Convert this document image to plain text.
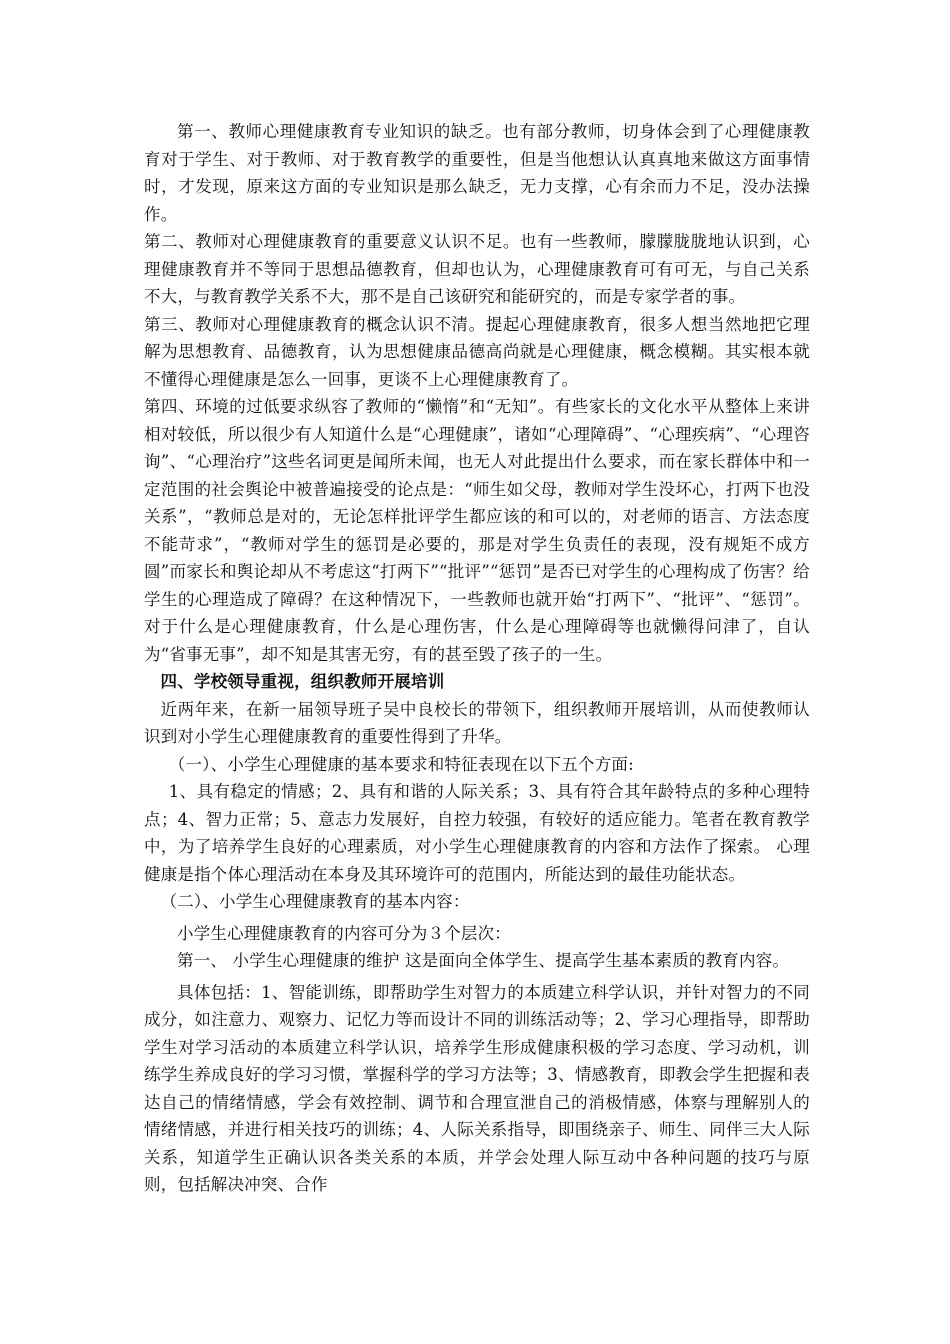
第一、教师心理健康教育专业知识的缺乏。也有部分教师，切身体会到了心理健康教育对于学生、对于教师、对于教育教学的重要性，但是当他想认认真真地来做这方面事情时，才发现，原来这方面的专业知识是那么缺乏，无力支撑，心有余而力不足，没办法操作。

第二、教师对心理健康教育的重要意义认识不足。也有一些教师，朦朦胧胧地认识到，心理健康教育并不等同于思想品德教育，但却也认为，心理健康教育可有可无，与自己关系不大，与教育教学关系不大，那不是自己该研究和能研究的，而是专家学者的事。

第三、教师对心理健康教育的概念认识不清。提起心理健康教育，很多人想当然地把它理解为思想教育、品德教育，认为思想健康品德高尚就是心理健康，概念模糊。其实根本就不懂得心理健康是怎么一回事，更谈不上心理健康教育了。

第四、环境的过低要求纵容了教师的“懒惰”和“无知”。有些家长的文化水平从整体上来讲相对较低，所以很少有人知道什么是“心理健康”，诸如“心理障碍”、“心理疾病”、“心理咨询”、“心理治疗”这些名词更是闻所未闻，也无人对此提出什么要求，而在家长群体中和一定范围的社会舆论中被普遍接受的论点是：“师生如父母，教师对学生没坏心，打两下也没关系”，“教师总是对的，无论怎样批评学生都应该的和可以的，对老师的语言、方法态度不能苛求”，“教师对学生的惩罚是必要的，那是对学生负责任的表现，没有规矩不成方圆”而家长和舆论却从不考虑这“打两下”“批评”“惩罚”是否已对学生的心理构成了伤害？给学生的心理造成了障碍？在这种情况下，一些教师也就开始“打两下”、“批评”、“惩罚”。对于什么是心理健康教育，什么是心理伤害，什么是心理障碍等也就懒得问津了，自认为“省事无事”，却不知是其害无穷，有的甚至毁了孩子的一生。

四、学校领导重视，组织教师开展培训

近两年来，在新一届领导班子吴中良校长的带领下，组织教师开展培训，从而使教师认识到对小学生心理健康教育的重要性得到了升华。

（一）、小学生心理健康的基本要求和特征表现在以下五个方面:

1、具有稳定的情感；2、具有和谐的人际关系；3、具有符合其年龄特点的多种心理特点；4、智力正常；5、意志力发展好，自控力较强，有较好的适应能力。笔者在教育教学中，为了培养学生良好的心理素质，对小学生心理健康教育的内容和方法作了探索。 心理健康是指个体心理活动在本身及其环境许可的范围内，所能达到的最佳功能状态。

（二）、小学生心理健康教育的基本内容：

小学生心理健康教育的内容可分为３个层次：

第一、 小学生心理健康的维护 这是面向全体学生、提高学生基本素质的教育内容。

具体包括：1、智能训练，即帮助学生对智力的本质建立科学认识，并针对智力的不同成分，如注意力、观察力、记忆力等而设计不同的训练活动等；2、学习心理指导，即帮助学生对学习活动的本质建立科学认识，培养学生形成健康积极的学习态度、学习动机，训练学生养成良好的学习习惯，掌握科学的学习方法等；3、情感教育，即教会学生把握和表达自己的情绪情感，学会有效控制、调节和合理宣泄自己的消极情感，体察与理解别人的情绪情感，并进行相关技巧的训练；4、人际关系指导，即围绕亲子、师生、同伴三大人际关系，知道学生正确认识各类关系的本质，并学会处理人际互动中各种问题的技巧与原则，包括解决冲突、合作
